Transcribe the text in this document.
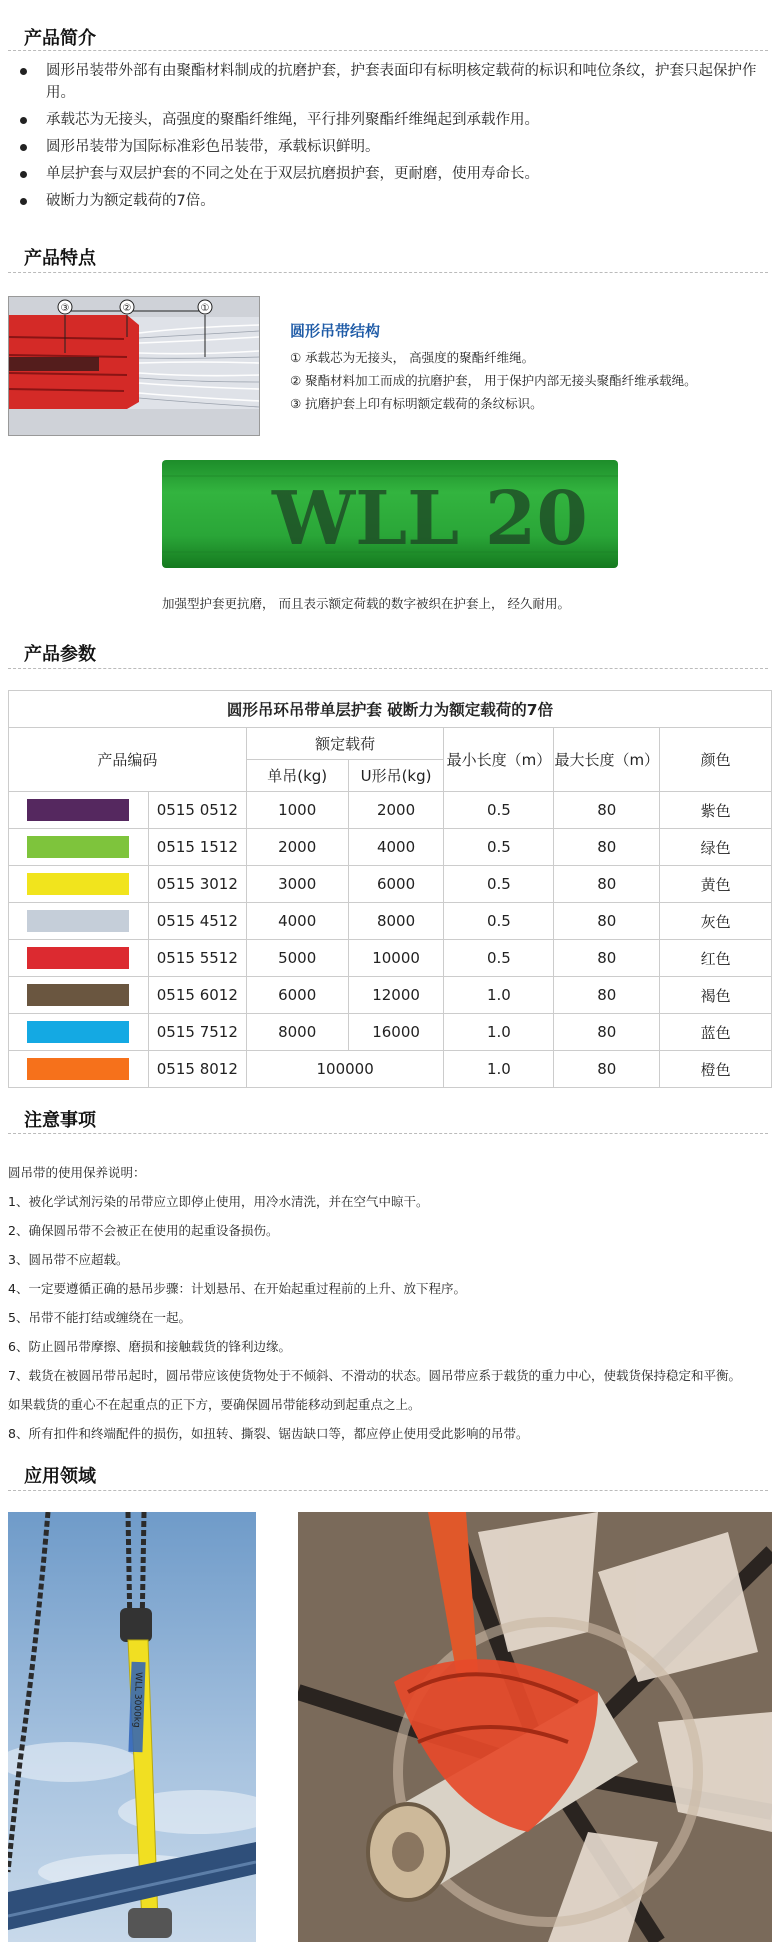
产品简介
圆形吊装带外部有由聚酯材料制成的抗磨护套，护套表面印有标明核定载荷的标识和吨位条纹，护套只起保护作用。
承载芯为无接头，高强度的聚酯纤维绳，平行排列聚酯纤维绳起到承载作用。
圆形吊装带为国际标准彩色吊装带，承载标识鲜明。
单层护套与双层护套的不同之处在于双层抗磨损护套，更耐磨，使用寿命长。
破断力为额定载荷的7倍。
产品特点
③	②	①
圆形吊带结构
① 承载芯为无接头， 高强度的聚酯纤维绳。
② 聚酯材料加工而成的抗磨护套， 用于保护内部无接头聚酯纤维承载绳。
③ 抗磨护套上印有标明额定载荷的条纹标识。
WLL 20
加强型护套更抗磨， 而且表示额定荷载的数字被织在护套上， 经久耐用。
产品参数
圆形吊环吊带单层护套 破断力为额定载荷的7倍						
产品编码		额定载荷		最小长度（m）	最大长度（m）	颜色
		单吊(kg)	U形吊(kg)			
	0515 0512	1000	2000	0.5	80	紫色
	0515 1512	2000	4000	0.5	80	绿色
	0515 3012	3000	6000	0.5	80	黄色
	0515 4512	4000	8000	0.5	80	灰色
	0515 5512	5000	10000	0.5	80	红色
	0515 6012	6000	12000	1.0	80	褐色
	0515 7512	8000	16000	1.0	80	蓝色
	0515 8012	100000		1.0	80	橙色
注意事项

圆吊带的使用保养说明：

1、被化学试剂污染的吊带应立即停止使用，用冷水清洗，并在空气中晾干。

2、确保圆吊带不会被正在使用的起重设备损伤。

3、圆吊带不应超载。

4、一定要遵循正确的悬吊步骤：计划悬吊、在开始起重过程前的上升、放下程序。

5、吊带不能打结或缠绕在一起。

6、防止圆吊带摩擦、磨损和接触载货的锋利边缘。

7、载货在被圆吊带吊起时，圆吊带应该使货物处于不倾斜、不滑动的状态。圆吊带应系于载货的重力中心，使载货保持稳定和平衡。

如果载货的重心不在起重点的正下方，要确保圆吊带能移动到起重点之上。

8、所有扣件和终端配件的损伤，如扭转、撕裂、锯齿缺口等，都应停止使用受此影响的吊带。

应用领域
WLL 3000kg
